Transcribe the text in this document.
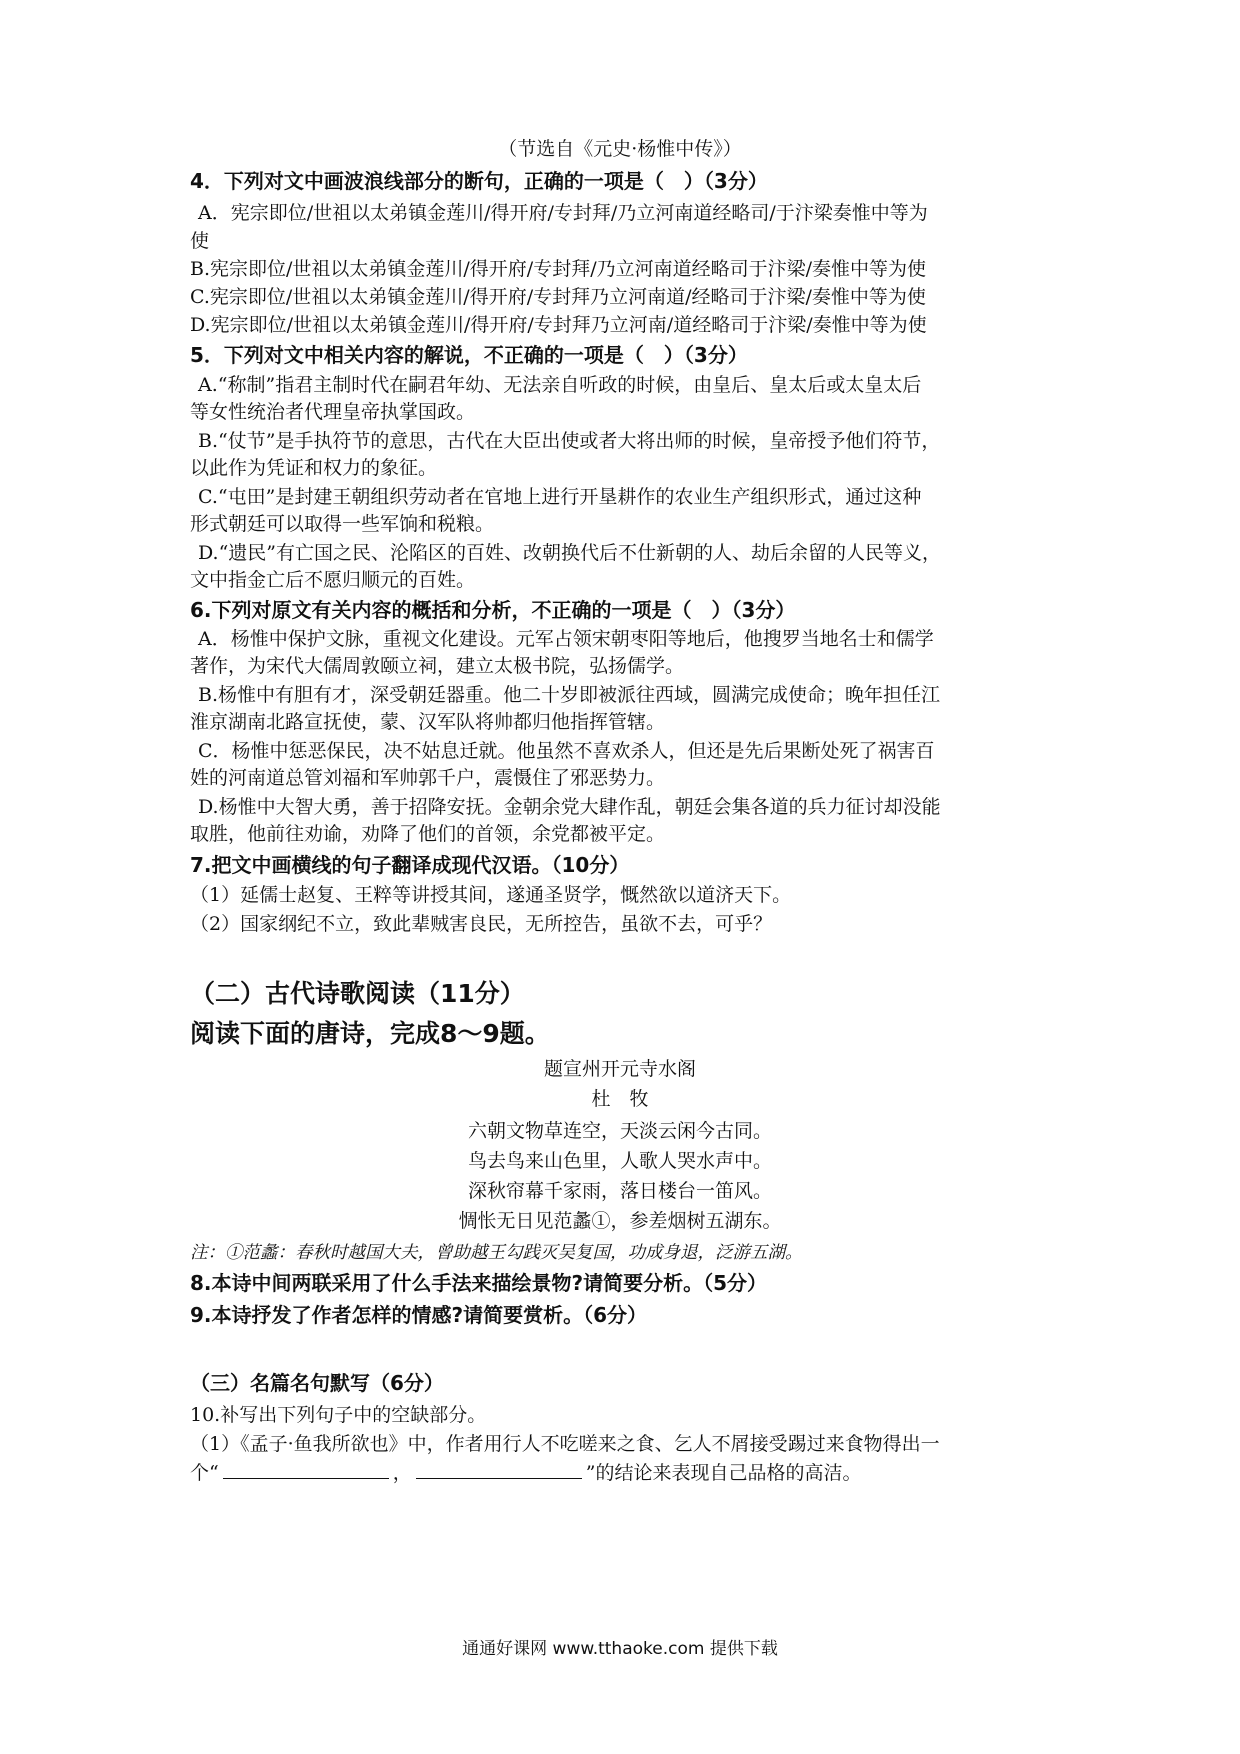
（节选自《元史·杨惟中传》）
4．下列对文中画波浪线部分的断句，正确的一项是（　）（3分）
A．宪宗即位/世祖以太弟镇金莲川/得开府/专封拜/乃立河南道经略司/于汴梁奏惟中等为
使
B.宪宗即位/世祖以太弟镇金莲川/得开府/专封拜/乃立河南道经略司于汴梁/奏惟中等为使
C.宪宗即位/世祖以太弟镇金莲川/得开府/专封拜乃立河南道/经略司于汴梁/奏惟中等为使
D.宪宗即位/世祖以太弟镇金莲川/得开府/专封拜乃立河南/道经略司于汴梁/奏惟中等为使
5．下列对文中相关内容的解说，不正确的一项是（　）（3分）
A.“称制”指君主制时代在嗣君年幼、无法亲自听政的时候，由皇后、皇太后或太皇太后
等女性统治者代理皇帝执掌国政。
B.“仗节”是手执符节的意思，古代在大臣出使或者大将出师的时候，皇帝授予他们符节，
以此作为凭证和权力的象征。
C.“屯田”是封建王朝组织劳动者在官地上进行开垦耕作的农业生产组织形式，通过这种
形式朝廷可以取得一些军饷和税粮。
D.“遗民”有亡国之民、沦陷区的百姓、改朝换代后不仕新朝的人、劫后余留的人民等义，
文中指金亡后不愿归顺元的百姓。
6.下列对原文有关内容的概括和分析，不正确的一项是（　）（3分）
A．杨惟中保护文脉，重视文化建设。元军占领宋朝枣阳等地后，他搜罗当地名士和儒学
著作，为宋代大儒周敦颐立祠，建立太极书院，弘扬儒学。
B.杨惟中有胆有才，深受朝廷器重。他二十岁即被派往西域，圆满完成使命；晚年担任江
淮京湖南北路宣抚使，蒙、汉军队将帅都归他指挥管辖。
C．杨惟中惩恶保民，决不姑息迁就。他虽然不喜欢杀人，但还是先后果断处死了祸害百
姓的河南道总管刘福和军帅郭千户，震慑住了邪恶势力。
D.杨惟中大智大勇，善于招降安抚。金朝余党大肆作乱，朝廷会集各道的兵力征讨却没能
取胜，他前往劝谕，劝降了他们的首领，余党都被平定。
7.把文中画横线的句子翻译成现代汉语。（10分）
（1）延儒士赵复、王粹等讲授其间，遂通圣贤学，慨然欲以道济天下。
（2）国家纲纪不立，致此辈贼害良民，无所控告，虽欲不去，可乎？
（二）古代诗歌阅读（11分）
阅读下面的唐诗，完成8～9题。
题宣州开元寺水阁
杜　牧
六朝文物草连空，天淡云闲今古同。
鸟去鸟来山色里，人歌人哭水声中。
深秋帘幕千家雨，落日楼台一笛风。
惆怅无日见范蠡①，参差烟树五湖东。
注：①范蠡：春秋时越国大夫，曾助越王勾践灭吴复国，功成身退，泛游五湖。
8.本诗中间两联采用了什么手法来描绘景物?请简要分析。（5分）
9.本诗抒发了作者怎样的情感?请简要赏析。（6分）
（三）名篇名句默写（6分）
10.补写出下列句子中的空缺部分。
（1）《孟子·鱼我所欲也》中，作者用行人不吃嗟来之食、乞人不屑接受踢过来食物得出一
个“	，	”的结论来表现自己品格的高洁。
通通好课网 www.tthaoke.com 提供下载
